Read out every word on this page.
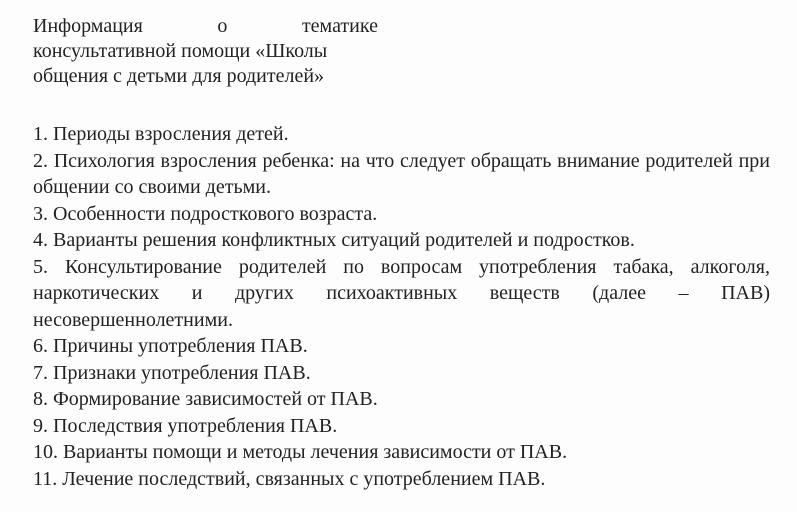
Информация	о	тематике
консультативной помощи «Школы
общения с детьми для родителей»
1. Периоды взросления детей.
2. Психология взросления ребенка: на что следует обращать внимание родителей при общении со своими детьми.
3. Особенности подросткового возраста.
4. Варианты решения конфликтных ситуаций родителей и подростков.
5. Консультирование родителей по вопросам употребления табака, алкоголя, наркотических и других психоактивных веществ (далее – ПАВ) несовершеннолетними.
6. Причины употребления ПАВ.
7. Признаки употребления ПАВ.
8. Формирование зависимостей от ПАВ.
9. Последствия употребления ПАВ.
10. Варианты помощи и методы лечения зависимости от ПАВ.
11. Лечение последствий, связанных с употреблением ПАВ.
